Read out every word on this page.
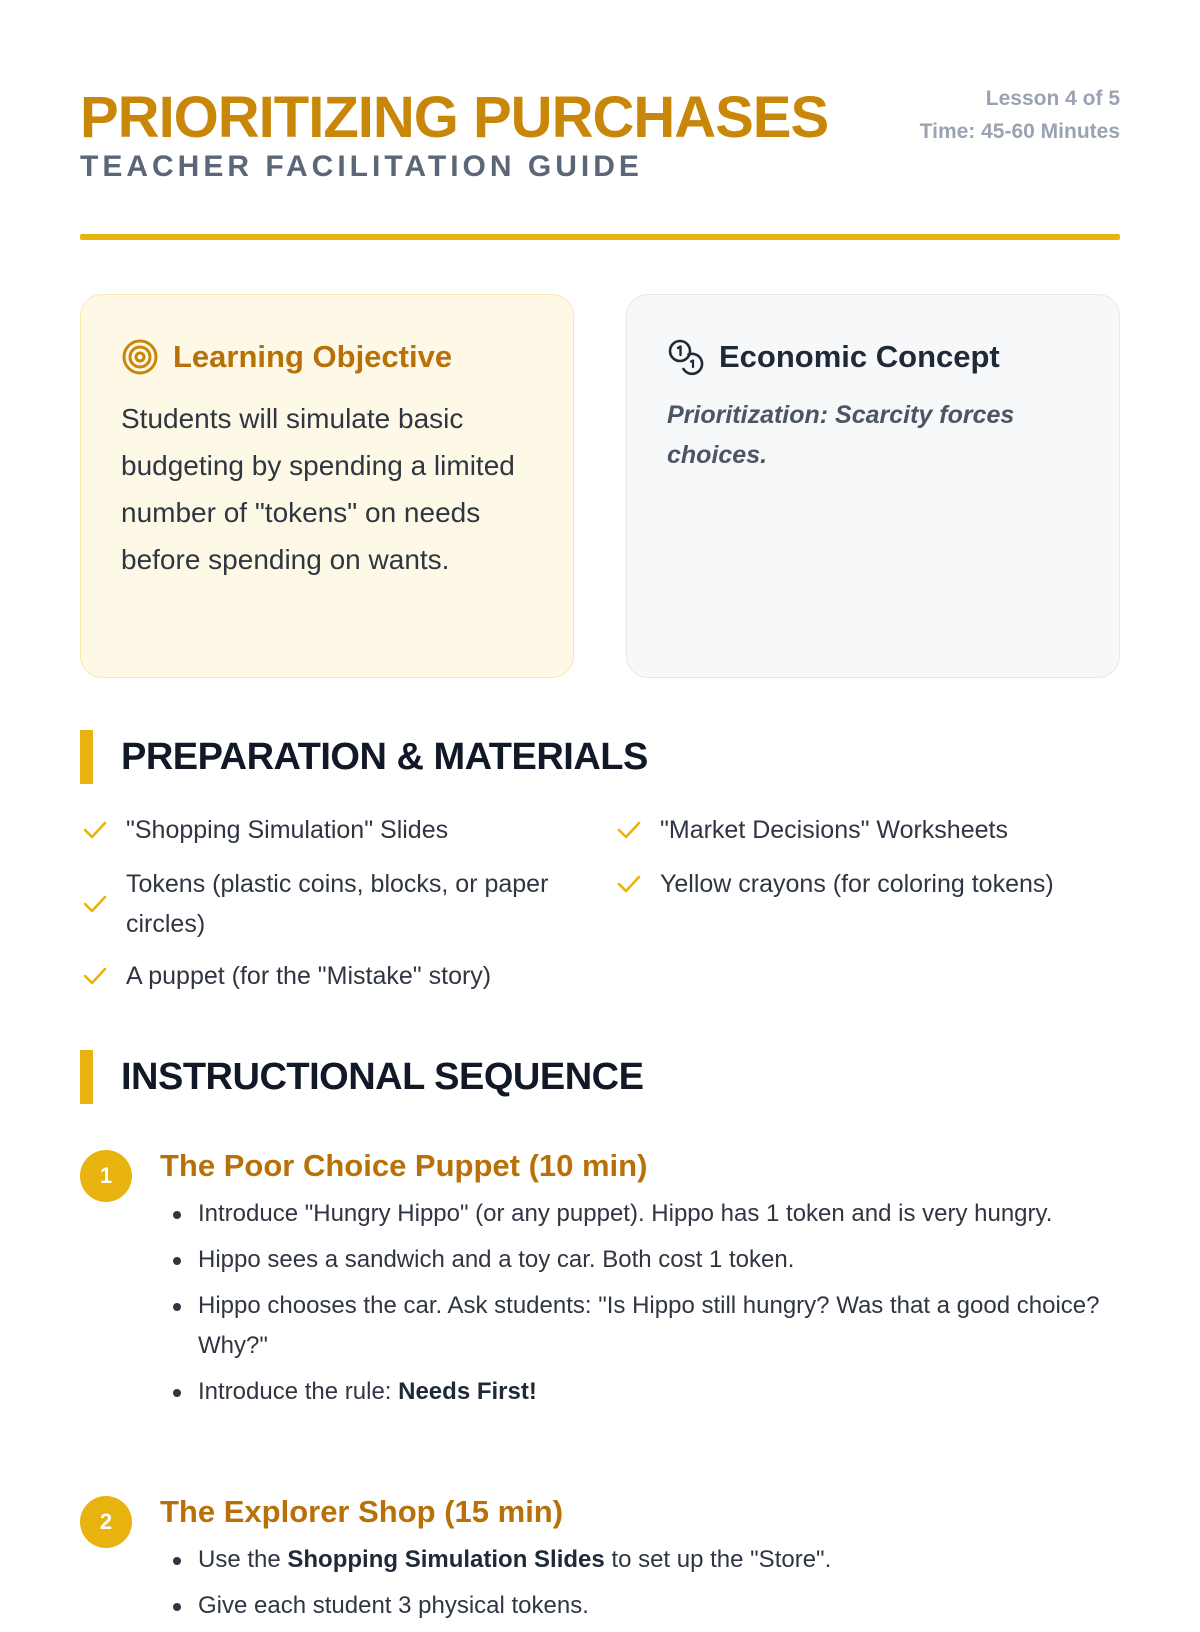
PRIORITIZING PURCHASES
TEACHER FACILITATION GUIDE
Lesson 4 of 5
Time: 45-60 Minutes
Learning Objective
Students will simulate basic budgeting by spending a limited number of "tokens" on needs before spending on wants.
Economic Concept
Prioritization: Scarcity forces choices.
PREPARATION & MATERIALS
"Shopping Simulation" Slides	"Market Decisions" Worksheets
Tokens (plastic coins, blocks, or paper circles)
Yellow crayons (for coloring tokens)
A puppet (for the "Mistake" story)
INSTRUCTIONAL SEQUENCE
1	The Poor Choice Puppet (10 min)
Introduce "Hungry Hippo" (or any puppet). Hippo has 1 token and is very hungry.
Hippo sees a sandwich and a toy car. Both cost 1 token.
Hippo chooses the car. Ask students: "Is Hippo still hungry? Was that a good choice? Why?"
Introduce the rule: Needs First!
2	The Explorer Shop (15 min)
Use the Shopping Simulation Slides to set up the "Store".
Give each student 3 physical tokens.
